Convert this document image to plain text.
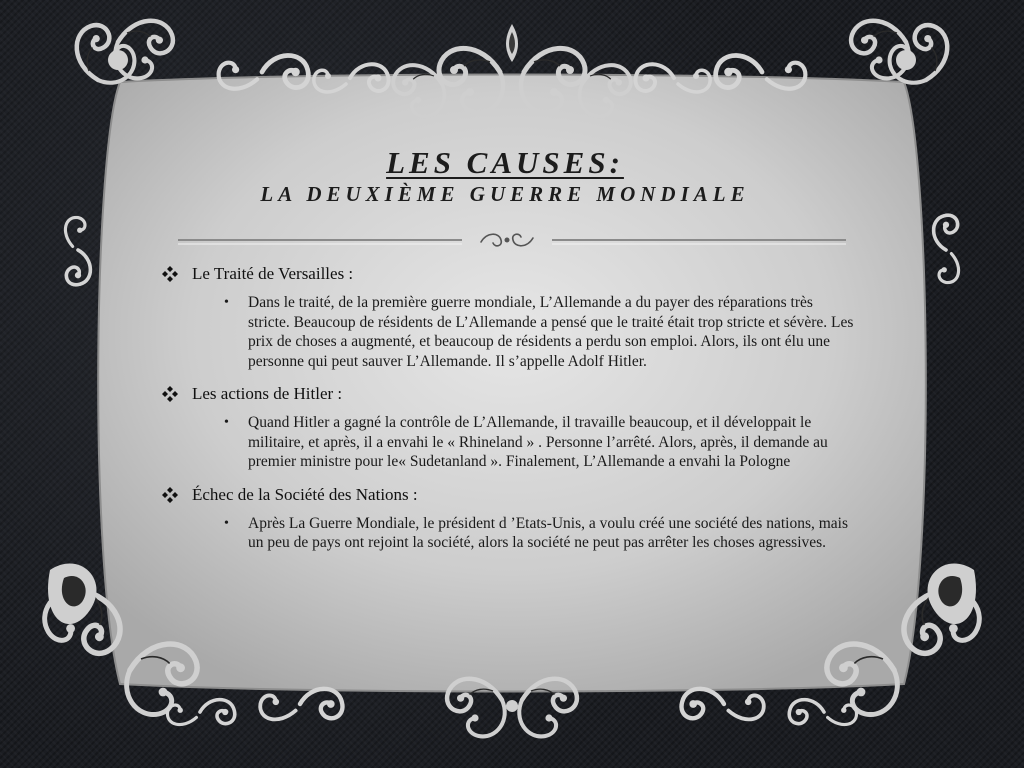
LES CAUSES:
LA DEUXIÈME GUERRE MONDIALE
Le Traité de Versailles :
• Dans le traité, de la première guerre mondiale, L’Allemande a du payer des réparations très stricte. Beaucoup de résidents de L’Allemande a pensé que le traité était trop stricte et sévère. Les prix de choses a augmenté, et beaucoup de résidents a perdu son emploi. Alors, ils ont élu une personne qui peut sauver L’Allemande. Il s’appelle Adolf Hitler.
Les actions de Hitler :
• Quand Hitler a gagné la contrôle de L’Allemande, il travaille beaucoup, et il développait le militaire, et après, il a envahi le « Rhineland » . Personne l’arrêté. Alors, après, il demande au premier ministre pour le« Sudetanland ». Finalement, L’Allemande a envahi la Pologne
Échec de la Société des Nations :
• Après La Guerre Mondiale, le président d ’Etats-Unis, a voulu créé une société des nations, mais un peu de pays ont rejoint la société, alors la société ne peut pas arrêter les choses agressives.
